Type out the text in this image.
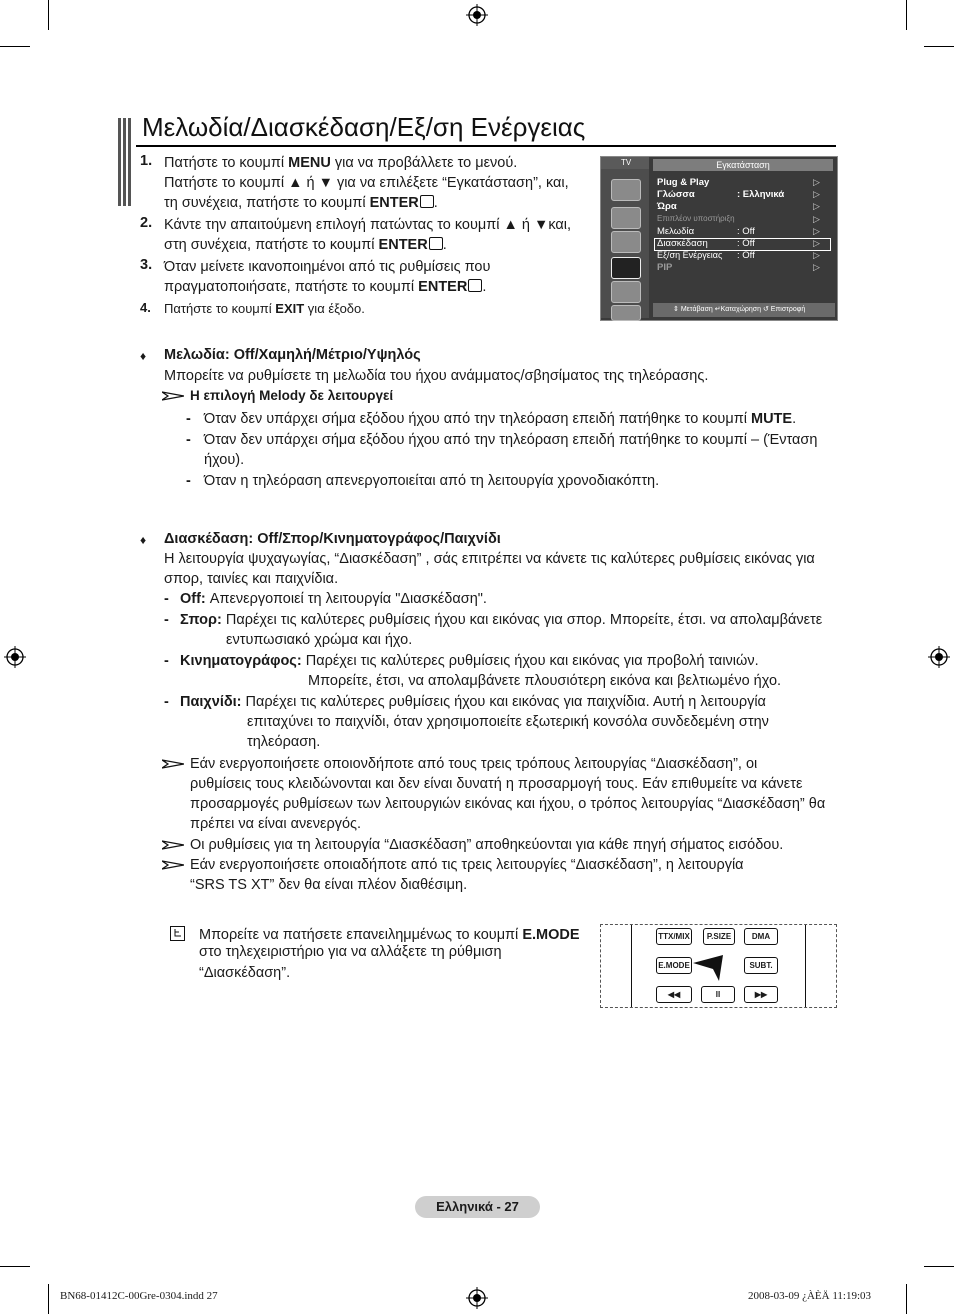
Μελωδία/Διασκέδαση/Εξ/ση Ενέργειας
1. Πατήστε το κουμπί MENU για να προβάλλετε το μενού.
Πατήστε το κουμπί ▲ ή ▼ για να επιλέξετε “Εγκατάσταση”, και,
τη συνέχεια, πατήστε το κουμπί ENTER .
2. Κάντε την απαιτούμενη επιλογή πατώντας το κουμπί ▲ ή ▼και,
στη συνέχεια, πατήστε το κουμπί ENTER .
3. Όταν μείνετε ικανοποιημένοι από τις ρυθμίσεις που
πραγματοποιήσατε, πατήστε το κουμπί ENTER .
4. Πατήστε το κουμπί EXIT για έξοδο.
TV	Εγκατάσταση
Plug & Play	▷
Γλώσσα	: Ελληνικά	▷
Ώρα	▷
Επιπλέον υποστήριξη	▷
Μελωδία	: Off	▷
Διασκέδαση	: Off	▷
Εξ/ση Ενέργειας : Off	▷
PIP	▷
⇕ Μετάβαση ↵Καταχώρηση ↺ Επιστροφή
♦ Μελωδία: Off/Χαμηλή/Μέτριο/Υψηλός
Μπορείτε να ρυθμίσετε τη μελωδία του ήχου ανάμματος/σβησίματος της τηλεόρασης.
Η επιλογή Melody δε λειτουργεί
- Όταν δεν υπάρχει σήμα εξόδου ήχου από την τηλεόραση επειδή πατήθηκε το κουμπί MUTE.
- Όταν δεν υπάρχει σήμα εξόδου ήχου από την τηλεόραση επειδή πατήθηκε το κουμπί – (Ένταση
ήχου).
- Όταν η τηλεόραση απενεργοποιείται από τη λειτουργία χρονοδιακόπτη.
♦ Διασκέδαση: Off/Σπορ/Κινηματογράφος/Παιχνίδι
Η λειτουργία ψυχαγωγίας, “Διασκέδαση” , σάς επιτρέπει να κάνετε τις καλύτερες ρυθμίσεις εικόνας για
σπορ, ταινίες και παιχνίδια.
- Off: Απενεργοποιεί τη λειτουργία "Διασκέδαση".
- Σπορ: Παρέχει τις καλύτερες ρυθμίσεις ήχου και εικόνας για σπορ. Μπορείτε, έτσι. να απολαμβάνετε
εντυπωσιακό χρώμα και ήχο.
- Κινηματογράφος: Παρέχει τις καλύτερες ρυθμίσεις ήχου και εικόνας για προβολή ταινιών.
Μπορείτε, έτσι, να απολαμβάνετε πλουσιότερη εικόνα και βελτιωμένο ήχο.
- Παιχνίδι: Παρέχει τις καλύτερες ρυθμίσεις ήχου και εικόνας για παιχνίδια. Αυτή η λειτουργία
επιταχύνει το παιχνίδι, όταν χρησιμοποιείτε εξωτερική κονσόλα συνδεδεμένη στην
τηλεόραση.
Εάν ενεργοποιήσετε οποιονδήποτε από τους τρεις τρόπους λειτουργίας “Διασκέδαση”, οι
ρυθμίσεις τους κλειδώνονται και δεν είναι δυνατή η προσαρμογή τους. Εάν επιθυμείτε να κάνετε
προσαρμογές ρυθμίσεων των λειτουργιών εικόνας και ήχου, ο τρόπος λειτουργίας “Διασκέδαση” θα
πρέπει να είναι ανενεργός.
Οι ρυθμίσεις για τη λειτουργία “Διασκέδαση” αποθηκεύονται για κάθε πηγή σήματος εισόδου.
Εάν ενεργοποιήσετε οποιαδήποτε από τις τρεις λειτουργίες “Διασκέδαση”, η λειτουργία
“SRS TS XT” δεν θα είναι πλέον διαθέσιμη.
Μπορείτε να πατήσετε επανειλημμένως το κουμπί E.MODE
στο τηλεχειριστήριο για να αλλάξετε τη ρύθμιση
“Διασκέδαση”.
TTX/MIX	P.SIZE	DMA
E.MODE	SUBT.
◀◀	II	▶▶
Ελληνικά - 27
BN68-01412C-00Gre-0304.indd 27	2008-03-09 ¿ÀÈÄ 11:19:03
